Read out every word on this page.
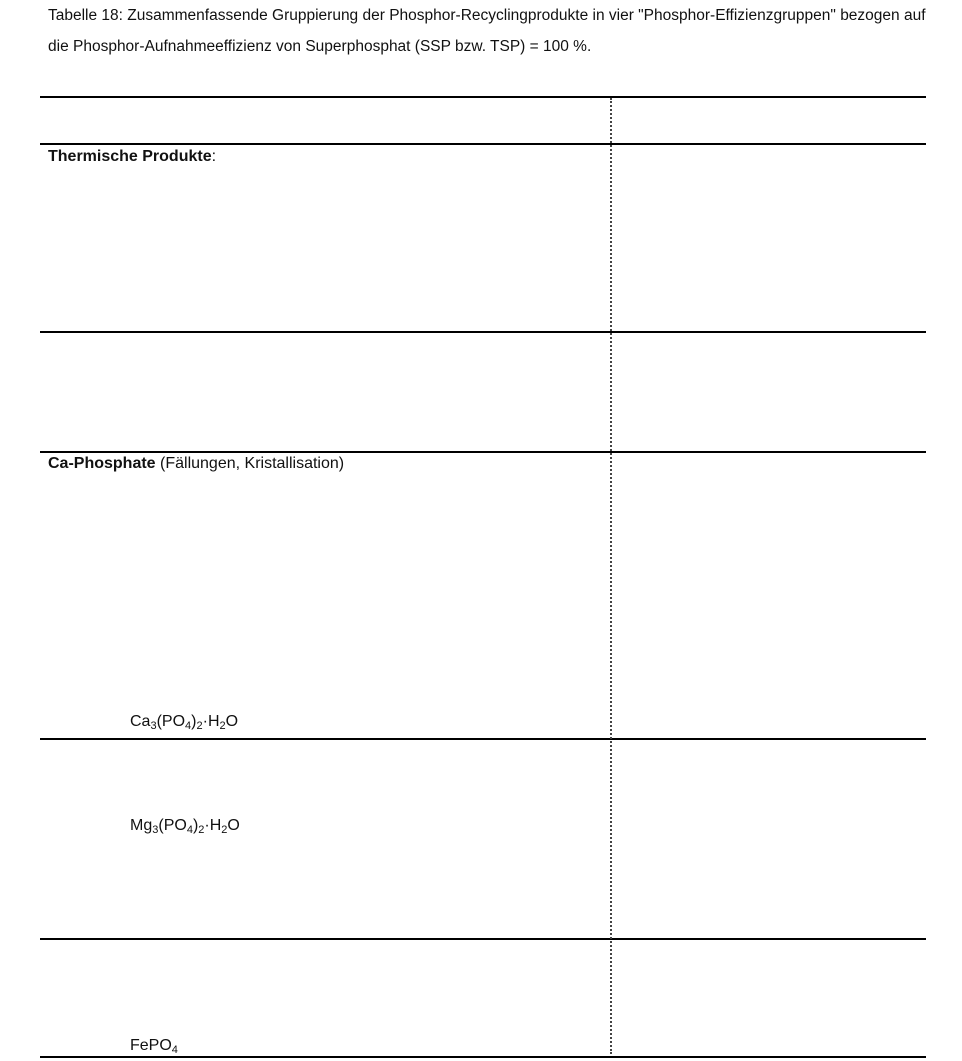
Tabelle 18: Zusammenfassende Gruppierung der Phosphor-Recyclingprodukte in vier "Phosphor-Effizienzgruppen" bezogen auf die Phosphor-Aufnahmeeffizienz von Superphosphat (SSP bzw. TSP) = 100 %.
Thermische Produkte:
Ca-Phosphate (Fällungen, Kristallisation)
$Ca_3(PO_4)_2\cdot H_2O$
$Mg_3(PO_4)_2\cdot H_2O$
FePO$_4$
